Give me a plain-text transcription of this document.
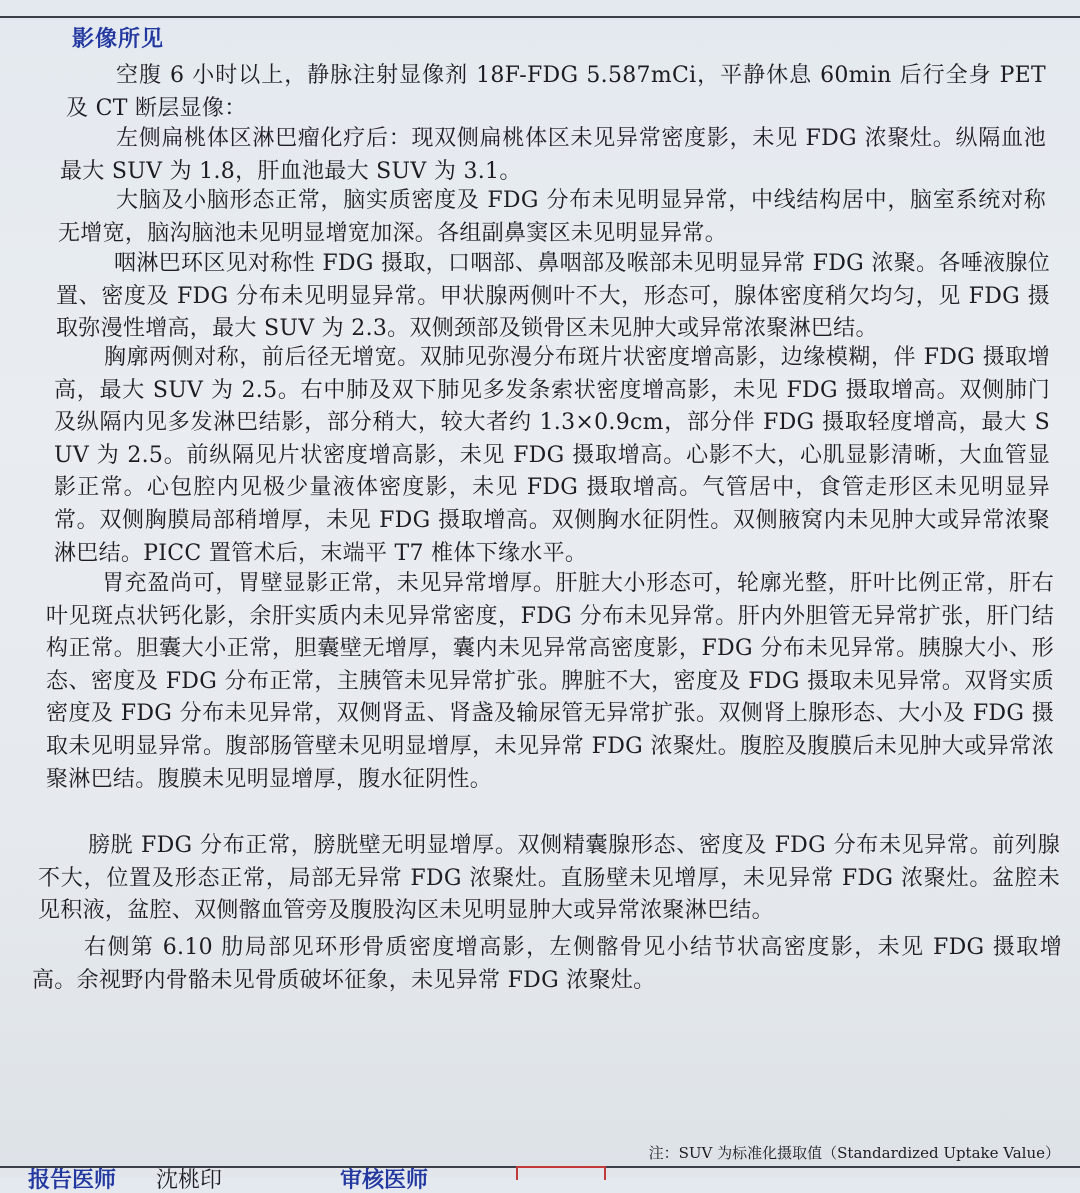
影像所见

空腹 6 小时以上，静脉注射显像剂 18F-FDG 5.587mCi，平静休息 60min 后行全身 PET 及 CT 断层显像：

左侧扁桃体区淋巴瘤化疗后：现双侧扁桃体区未见异常密度影，未见 FDG 浓聚灶。纵隔血池最大 SUV 为 1.8，肝血池最大 SUV 为 3.1。

大脑及小脑形态正常，脑实质密度及 FDG 分布未见明显异常，中线结构居中，脑室系统对称无增宽，脑沟脑池未见明显增宽加深。各组副鼻窦区未见明显异常。

咽淋巴环区见对称性 FDG 摄取，口咽部、鼻咽部及喉部未见明显异常 FDG 浓聚。各唾液腺位置、密度及 FDG 分布未见明显异常。甲状腺两侧叶不大，形态可，腺体密度稍欠均匀，见 FDG 摄取弥漫性增高，最大 SUV 为 2.3。双侧颈部及锁骨区未见肿大或异常浓聚淋巴结。

胸廓两侧对称，前后径无增宽。双肺见弥漫分布斑片状密度增高影，边缘模糊，伴 FDG 摄取增高，最大 SUV 为 2.5。右中肺及双下肺见多发条索状密度增高影，未见 FDG 摄取增高。双侧肺门及纵隔内见多发淋巴结影，部分稍大，较大者约 1.3×0.9cm，部分伴 FDG 摄取轻度增高，最大 SUV 为 2.5。前纵隔见片状密度增高影，未见 FDG 摄取增高。心影不大，心肌显影清晰，大血管显影正常。心包腔内见极少量液体密度影，未见 FDG 摄取增高。气管居中，食管走形区未见明显异常。双侧胸膜局部稍增厚，未见 FDG 摄取增高。双侧胸水征阴性。双侧腋窝内未见肿大或异常浓聚淋巴结。PICC 置管术后，末端平 T7 椎体下缘水平。

胃充盈尚可，胃壁显影正常，未见异常增厚。肝脏大小形态可，轮廓光整，肝叶比例正常，肝右叶见斑点状钙化影，余肝实质内未见异常密度，FDG 分布未见异常。肝内外胆管无异常扩张，肝门结构正常。胆囊大小正常，胆囊壁无增厚，囊内未见异常高密度影，FDG 分布未见异常。胰腺大小、形态、密度及 FDG 分布正常，主胰管未见异常扩张。脾脏不大，密度及 FDG 摄取未见异常。双肾实质密度及 FDG 分布未见异常，双侧肾盂、肾盏及输尿管无异常扩张。双侧肾上腺形态、大小及 FDG 摄取未见明显异常。腹部肠管壁未见明显增厚，未见异常 FDG 浓聚灶。腹腔及腹膜后未见肿大或异常浓聚淋巴结。腹膜未见明显增厚，腹水征阴性。

膀胱 FDG 分布正常，膀胱壁无明显增厚。双侧精囊腺形态、密度及 FDG 分布未见异常。前列腺不大，位置及形态正常，局部无异常 FDG 浓聚灶。直肠壁未见增厚，未见异常 FDG 浓聚灶。盆腔未见积液，盆腔、双侧髂血管旁及腹股沟区未见明显肿大或异常浓聚淋巴结。

右侧第 6.10 肋局部见环形骨质密度增高影，左侧髂骨见小结节状高密度影，未见 FDG 摄取增高。余视野内骨骼未见骨质破坏征象，未见异常 FDG 浓聚灶。

注：SUV 为标准化摄取值（Standardized Uptake Value）
报告医师 沈桃印	审核医师
